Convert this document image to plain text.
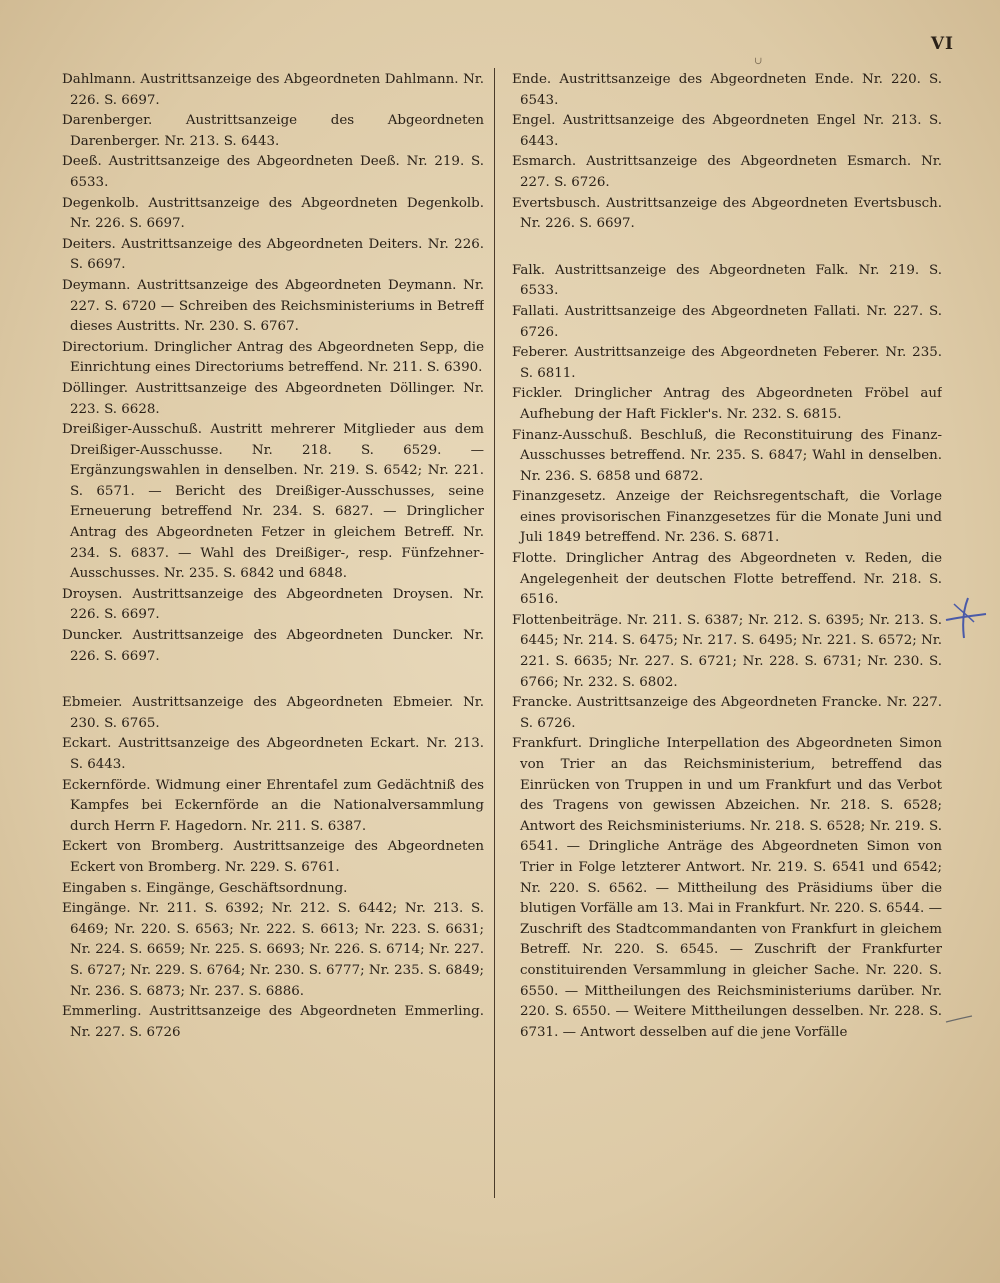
VI
∪

Dahlmann. Austrittsanzeige des Abgeordneten Dahlmann. Nr. 226. S. 6697.

Darenberger. Austrittsanzeige des Abgeordneten Darenberger. Nr. 213. S. 6443.

Deeß. Austrittsanzeige des Abgeordneten Deeß. Nr. 219. S. 6533.

Degenkolb. Austrittsanzeige des Abgeordneten Degenkolb. Nr. 226. S. 6697.

Deiters. Austrittsanzeige des Abgeordneten Deiters. Nr. 226. S. 6697.

Deymann. Austrittsanzeige des Abgeordneten Deymann. Nr. 227. S. 6720 — Schreiben des Reichsministeriums in Betreff dieses Austritts. Nr. 230. S. 6767.

Directorium. Dringlicher Antrag des Abgeordneten Sepp, die Einrichtung eines Directoriums betreffend. Nr. 211. S. 6390.

Döllinger. Austrittsanzeige des Abgeordneten Döllinger. Nr. 223. S. 6628.

Dreißiger-Ausschuß. Austritt mehrerer Mitglieder aus dem Dreißiger-Ausschusse. Nr. 218. S. 6529. — Ergänzungswahlen in denselben. Nr. 219. S. 6542; Nr. 221. S. 6571. — Bericht des Dreißiger-Ausschusses, seine Erneuerung betreffend Nr. 234. S. 6827. — Dringlicher Antrag des Abgeordneten Fetzer in gleichem Betreff. Nr. 234. S. 6837. — Wahl des Dreißiger-, resp. Fünfzehner-Ausschusses. Nr. 235. S. 6842 und 6848.

Droysen. Austrittsanzeige des Abgeordneten Droysen. Nr. 226. S. 6697.

Duncker. Austrittsanzeige des Abgeordneten Duncker. Nr. 226. S. 6697.

Ebmeier. Austrittsanzeige des Abgeordneten Ebmeier. Nr. 230. S. 6765.

Eckart. Austrittsanzeige des Abgeordneten Eckart. Nr. 213. S. 6443.

Eckernförde. Widmung einer Ehrentafel zum Gedächtniß des Kampfes bei Eckernförde an die Nationalversammlung durch Herrn F. Hagedorn. Nr. 211. S. 6387.

Eckert von Bromberg. Austrittsanzeige des Abgeordneten Eckert von Bromberg. Nr. 229. S. 6761.

Eingaben s. Eingänge, Geschäftsordnung.

Eingänge. Nr. 211. S. 6392; Nr. 212. S. 6442; Nr. 213. S. 6469; Nr. 220. S. 6563; Nr. 222. S. 6613; Nr. 223. S. 6631; Nr. 224. S. 6659; Nr. 225. S. 6693; Nr. 226. S. 6714; Nr. 227. S. 6727; Nr. 229. S. 6764; Nr. 230. S. 6777; Nr. 235. S. 6849; Nr. 236. S. 6873; Nr. 237. S. 6886.

Emmerling. Austrittsanzeige des Abgeordneten Emmerling. Nr. 227. S. 6726

Ende. Austrittsanzeige des Abgeordneten Ende. Nr. 220. S. 6543.

Engel. Austrittsanzeige des Abgeordneten Engel Nr. 213. S. 6443.

Esmarch. Austrittsanzeige des Abgeordneten Esmarch. Nr. 227. S. 6726.

Evertsbusch. Austrittsanzeige des Abgeordneten Evertsbusch. Nr. 226. S. 6697.

Falk. Austrittsanzeige des Abgeordneten Falk. Nr. 219. S. 6533.

Fallati. Austrittsanzeige des Abgeordneten Fallati. Nr. 227. S. 6726.

Feberer. Austrittsanzeige des Abgeordneten Feberer. Nr. 235. S. 6811.

Fickler. Dringlicher Antrag des Abgeordneten Fröbel auf Aufhebung der Haft Fickler's. Nr. 232. S. 6815.

Finanz-Ausschuß. Beschluß, die Reconstituirung des Finanz-Ausschusses betreffend. Nr. 235. S. 6847; Wahl in denselben. Nr. 236. S. 6858 und 6872.

Finanzgesetz. Anzeige der Reichsregentschaft, die Vorlage eines provisorischen Finanzgesetzes für die Monate Juni und Juli 1849 betreffend. Nr. 236. S. 6871.

Flotte. Dringlicher Antrag des Abgeordneten v. Reden, die Angelegenheit der deutschen Flotte betreffend. Nr. 218. S. 6516.

Flottenbeiträge. Nr. 211. S. 6387; Nr. 212. S. 6395; Nr. 213. S. 6445; Nr. 214. S. 6475; Nr. 217. S. 6495; Nr. 221. S. 6572; Nr. 221. S. 6635; Nr. 227. S. 6721; Nr. 228. S. 6731; Nr. 230. S. 6766; Nr. 232. S. 6802.

Francke. Austrittsanzeige des Abgeordneten Francke. Nr. 227. S. 6726.

Frankfurt. Dringliche Interpellation des Abgeordneten Simon von Trier an das Reichsministerium, betreffend das Einrücken von Truppen in und um Frankfurt und das Verbot des Tragens von gewissen Abzeichen. Nr. 218. S. 6528; Antwort des Reichsministeriums. Nr. 218. S. 6528; Nr. 219. S. 6541. — Dringliche Anträge des Abgeordneten Simon von Trier in Folge letzterer Antwort. Nr. 219. S. 6541 und 6542; Nr. 220. S. 6562. — Mittheilung des Präsidiums über die blutigen Vorfälle am 13. Mai in Frankfurt. Nr. 220. S. 6544. — Zuschrift des Stadtcommandanten von Frankfurt in gleichem Betreff. Nr. 220. S. 6545. — Zuschrift der Frankfurter constituirenden Versammlung in gleicher Sache. Nr. 220. S. 6550. — Mittheilungen des Reichsministeriums darüber. Nr. 220. S. 6550. — Weitere Mittheilungen desselben. Nr. 228. S. 6731. — Antwort desselben auf die jene Vorfälle
